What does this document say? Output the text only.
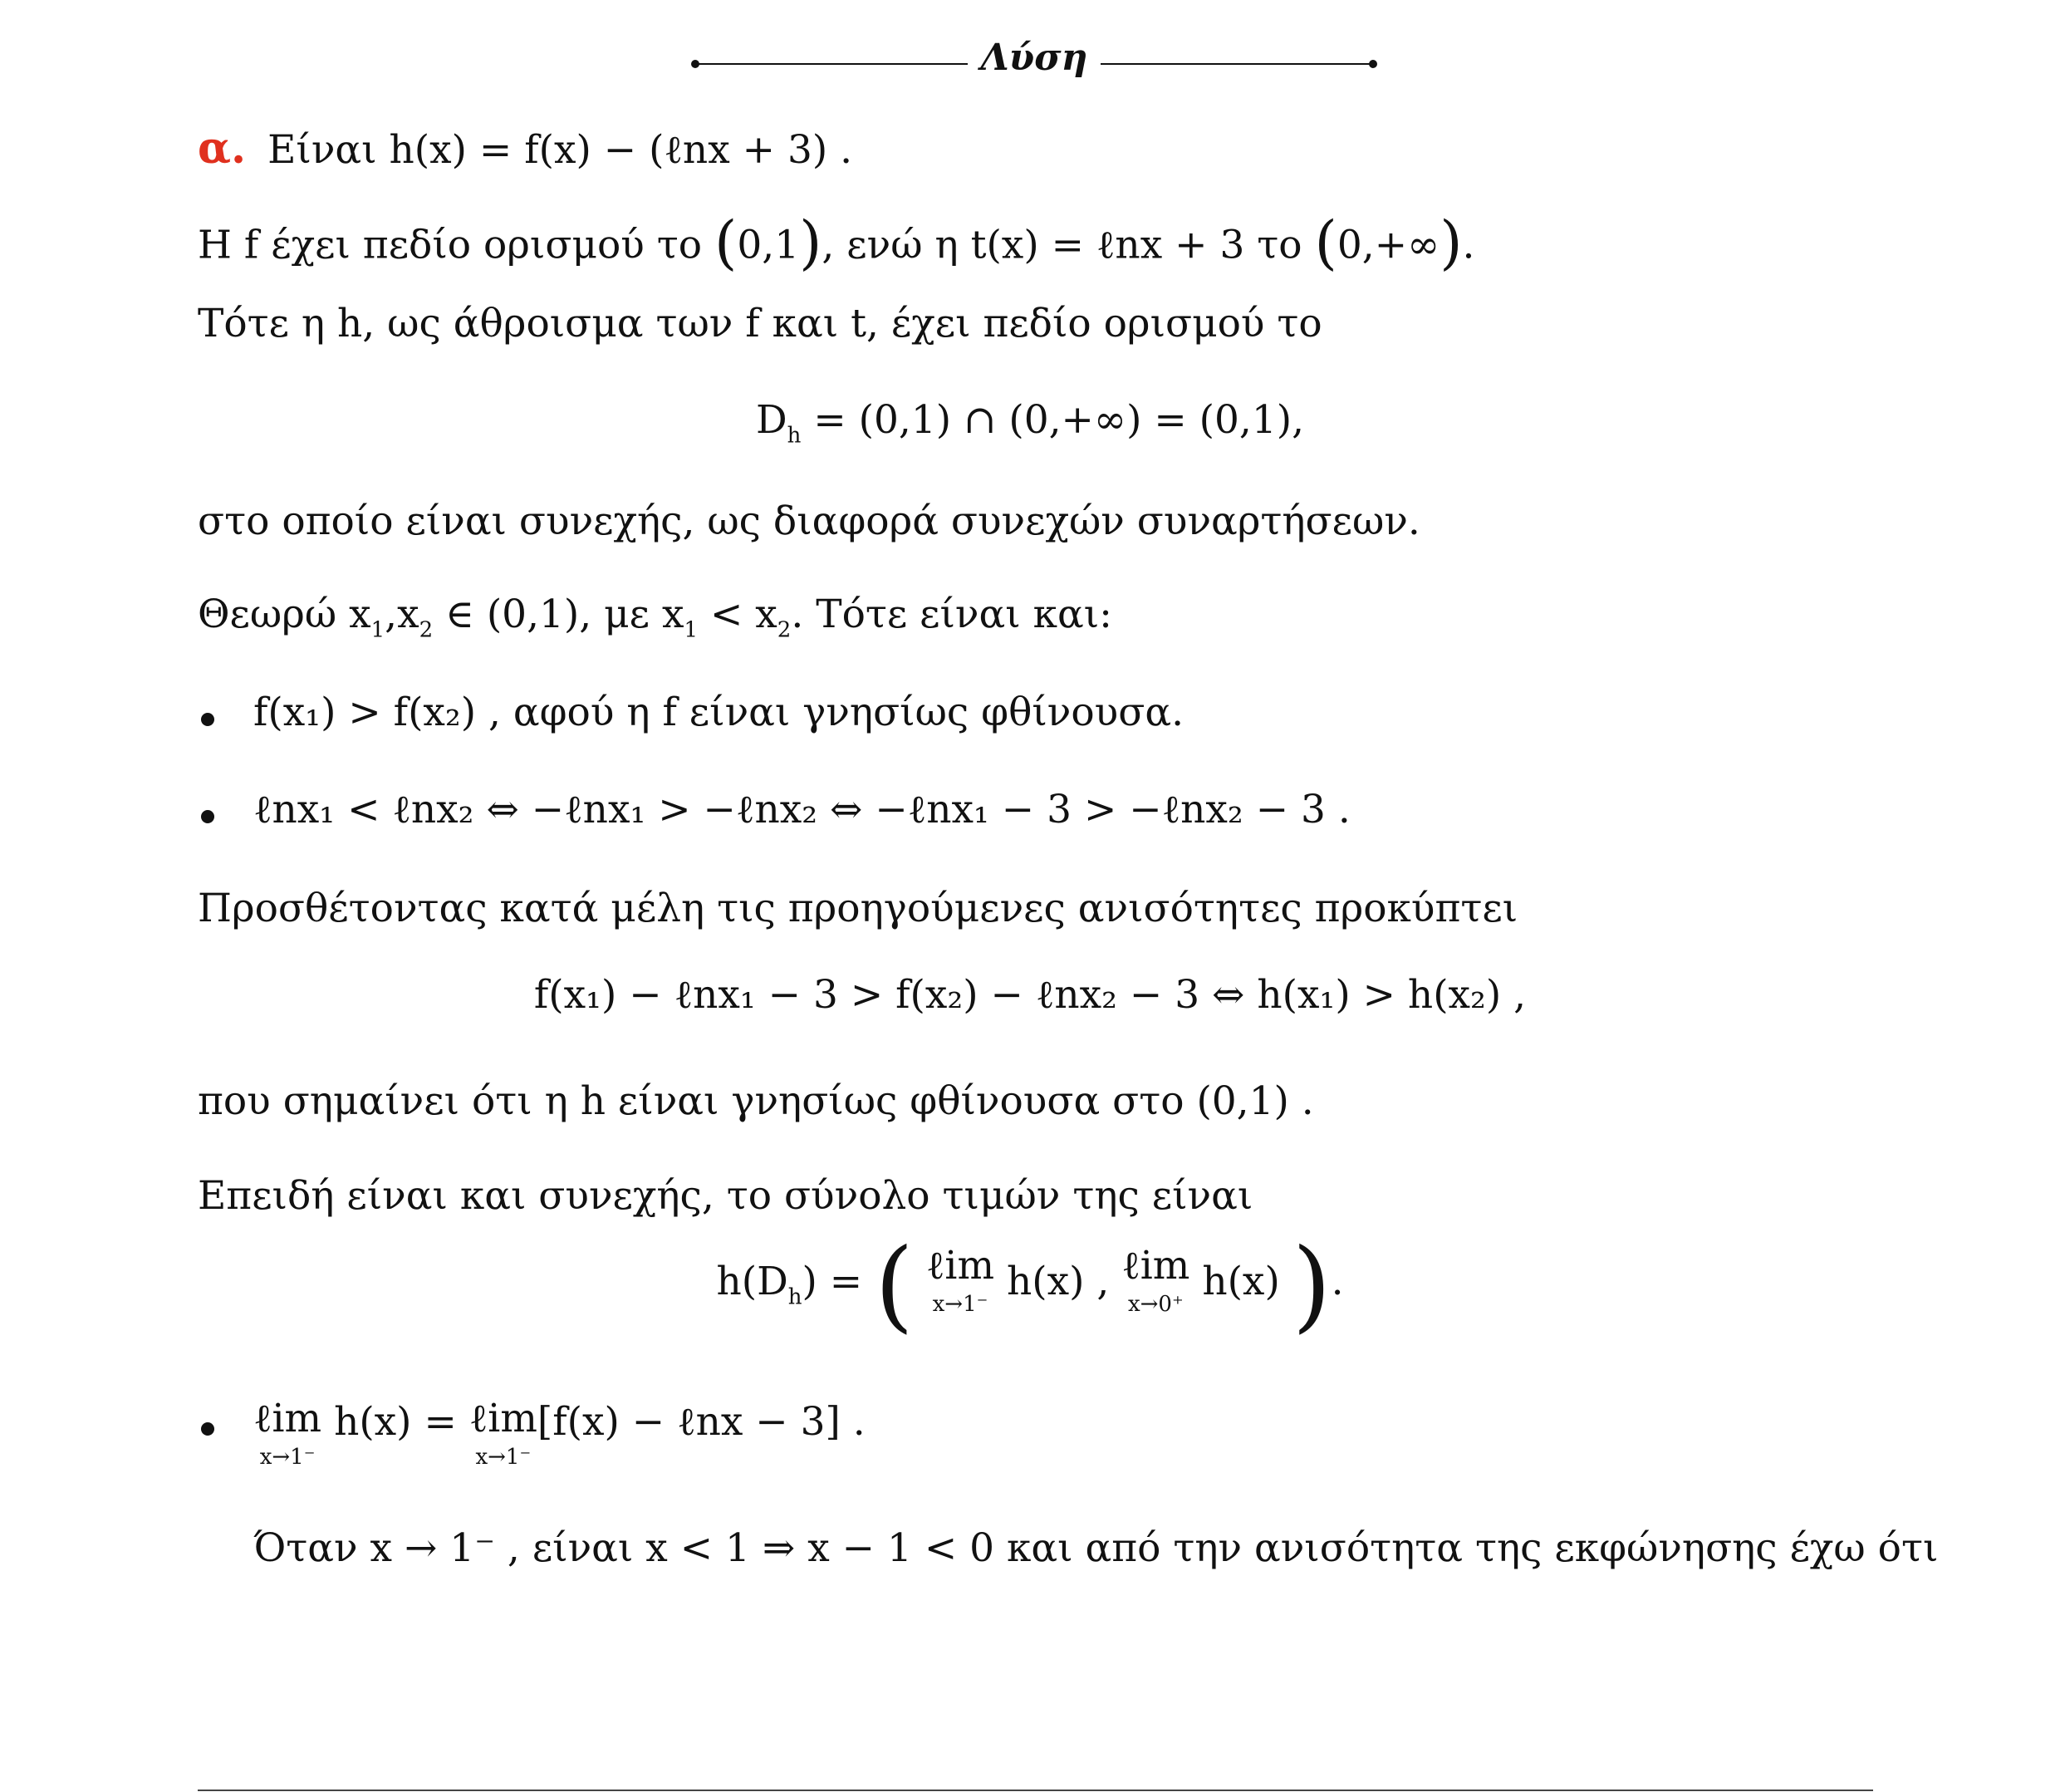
Λύση
α. Είναι h(x) = f(x) − (ℓnx + 3) .
Η f έχει πεδίο ορισμού το (0,1), ενώ η t(x) = ℓnx + 3 το (0,+∞).
Τότε η h, ως άθροισμα των f και t, έχει πεδίο ορισμού το
$D_h = (0,1)$ ∩ (0,+∞) = (0,1),
στο οποίο είναι συνεχής, ως διαφορά συνεχών συναρτήσεων.
Θεωρώ $x_1,x_2$ ∈ (0,1), με $x_1 < x_2$. Τότε είναι και:
f(x₁) > f(x₂) , αφού η f είναι γνησίως φθίνουσα.
ℓnx₁ < ℓnx₂ ⇔ −ℓnx₁ > −ℓnx₂ ⇔ −ℓnx₁ − 3 > −ℓnx₂ − 3 .
Προσθέτοντας κατά μέλη τις προηγούμενες ανισότητες προκύπτει
f(x₁) − ℓnx₁ − 3 > f(x₂) − ℓnx₂ − 3 ⇔ h(x₁) > h(x₂) ,
που σημαίνει ότι η h είναι γνησίως φθίνουσα στο (0,1) .
Επειδή είναι και συνεχής, το σύνολο τιμών της είναι
$h(D_h)$ = ( ℓim
x→1⁻ h(x) , ℓim
x→0⁺ h(x) ).
ℓim
x→1⁻
h(x) = ℓim
x→1⁻
[f(x) − ℓnx − 3] .
Όταν x → 1⁻ , είναι x < 1 ⇒ x − 1 < 0 και από την ανισότητα της εκφώνησης έχω ότι
